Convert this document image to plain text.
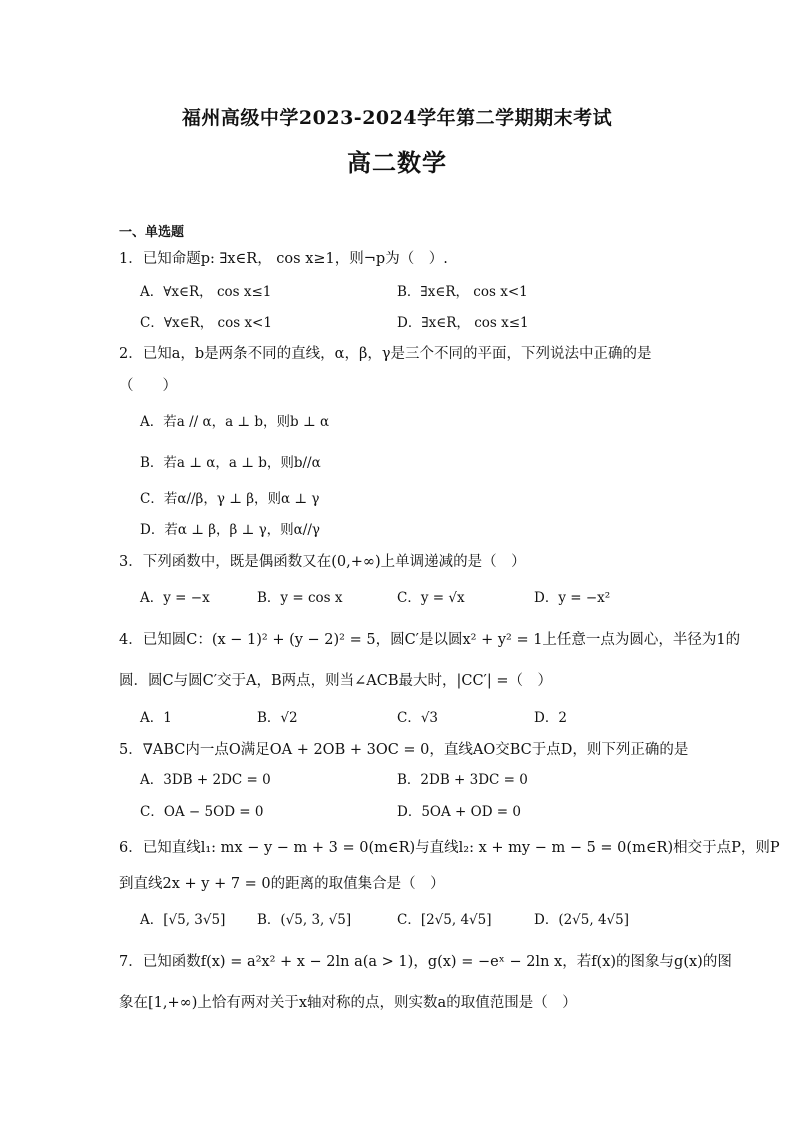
福州高级中学2023-2024学年第二学期期末考试
高二数学
一、单选题
1．已知命题p: ∃x∈R， cos x≥1，则¬p为（　）.
A．∀x∈R， cos x≤1	B．∃x∈R， cos x<1
C．∀x∈R， cos x<1	D．∃x∈R， cos x≤1
2．已知a，b是两条不同的直线，α，β，γ是三个不同的平面，下列说法中正确的是
（　　）
A．若a // α，a ⊥ b，则b ⊥ α
B．若a ⊥ α，a ⊥ b，则b//α
C．若α//β，γ ⊥ β，则α ⊥ γ
D．若α ⊥ β，β ⊥ γ，则α//γ
3．下列函数中，既是偶函数又在(0,+∞)上单调递减的是（　）
A．y = −x	B．y = cos x	C．y = √x	D．y = −x²
4．已知圆C：(x − 1)² + (y − 2)² = 5，圆C′是以圆x² + y² = 1上任意一点为圆心，半径为1的
圆．圆C与圆C′交于A，B两点，则当∠ACB最大时，|CC′| =（　）
A．1	B．√2	C．√3	D．2
5．∇ABC内一点O满足OA + 2OB + 3OC = 0，直线AO交BC于点D，则下列正确的是
A．3DB + 2DC = 0	B．2DB + 3DC = 0
C．OA − 5OD = 0	D．5OA + OD = 0
6．已知直线l₁: mx − y − m + 3 = 0(m∈R)与直线l₂: x + my − m − 5 = 0(m∈R)相交于点P，则P
到直线2x + y + 7 = 0的距离的取值集合是（　）
A．[√5, 3√5] B．(√5, 3, √5]	C．[2√5, 4√5]	D．(2√5, 4√5]
7．已知函数f(x) = a²x² + x − 2ln a(a > 1)，g(x) = −eˣ − 2ln x，若f(x)的图象与g(x)的图
象在[1,+∞)上恰有两对关于x轴对称的点，则实数a的取值范围是（　）
